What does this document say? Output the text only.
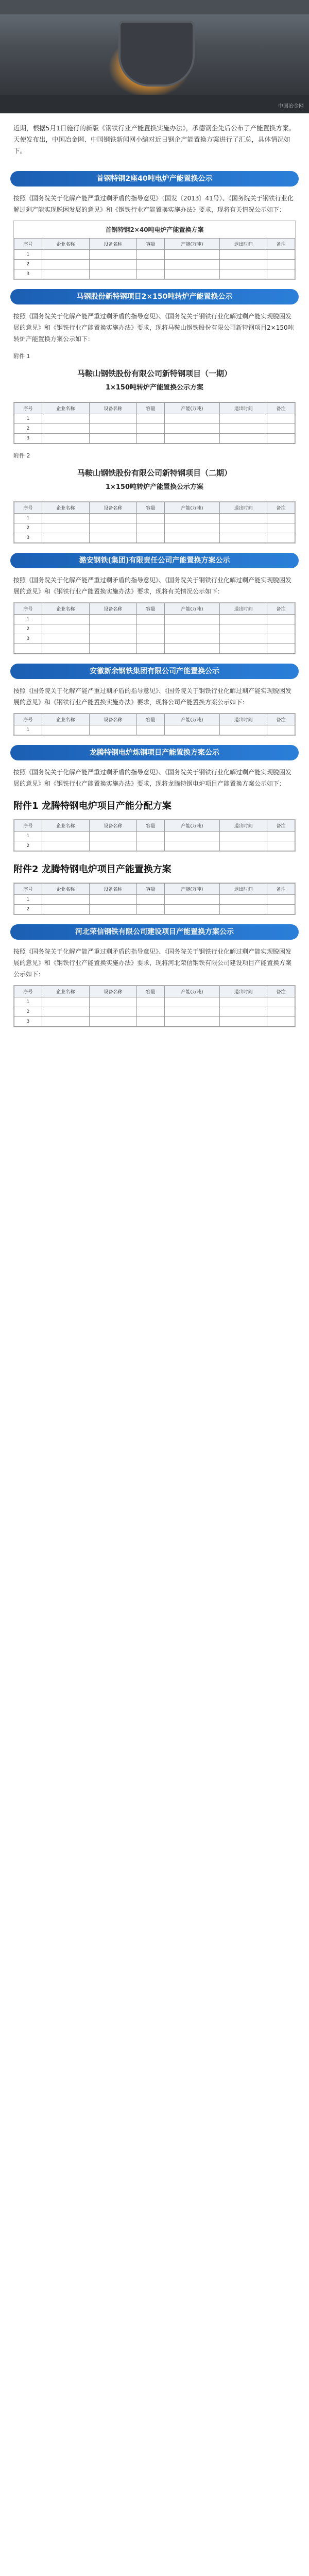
中国冶金网
近期，根据5月1日施行的新版《钢铁行业产能置换实施办法》，承德钢企先后公布了产能置换方案。天使发布出，中国冶金网、中国钢铁新闻网小编对近日钢企产能置换方案进行了汇总，具体情况如下。
首钢特钢2座40吨电炉产能置换公示
按照《国务院关于化解产能严重过剩矛盾的指导意见》（国发〔2013〕41号）、《国务院关于钢铁行业化解过剩产能实现脱困发展的意见》和《钢铁行业产能置换实施办法》要求，现将有关情况公示如下：
首钢特钢2×40吨电炉产能置换方案
序号	企业名称	设备名称	容量	产能(万吨)	退出时间	备注
1						
2						
3						
马钢股份新特钢项目2×150吨转炉产能置换公示
按照《国务院关于化解产能严重过剩矛盾的指导意见》、《国务院关于钢铁行业化解过剩产能实现脱困发展的意见》和《钢铁行业产能置换实施办法》要求，现将马鞍山钢铁股份有限公司新特钢项目2×150吨转炉产能置换方案公示如下：
附件 1
马鞍山钢铁股份有限公司新特钢项目（一期）
1×150吨转炉产能置换公示方案
序号	企业名称	设备名称	容量	产能(万吨)	退出时间	备注
1						
2						
3						
附件 2
马鞍山钢铁股份有限公司新特钢项目（二期）
1×150吨转炉产能置换公示方案
序号	企业名称	设备名称	容量	产能(万吨)	退出时间	备注
1						
2						
3						
潞安钢铁(集团)有限责任公司产能置换方案公示
按照《国务院关于化解产能严重过剩矛盾的指导意见》、《国务院关于钢铁行业化解过剩产能实现脱困发展的意见》和《钢铁行业产能置换实施办法》要求，现将有关情况公示如下：
序号	企业名称	设备名称	容量	产能(万吨)	退出时间	备注
1						
2						
3						

安徽新余钢铁集团有限公司产能置换公示
按照《国务院关于化解产能严重过剩矛盾的指导意见》、《国务院关于钢铁行业化解过剩产能实现脱困发展的意见》和《钢铁行业产能置换实施办法》要求，现将公司产能置换方案公示如下：
序号	企业名称	设备名称	容量	产能(万吨)	退出时间	备注
1						
龙腾特钢电炉炼钢项目产能置换方案公示
按照《国务院关于化解产能严重过剩矛盾的指导意见》、《国务院关于钢铁行业化解过剩产能实现脱困发展的意见》和《钢铁行业产能置换实施办法》要求，现将龙腾特钢电炉项目产能置换方案公示如下：
附件1 龙腾特钢电炉项目产能分配方案
序号	企业名称	设备名称	容量	产能(万吨)	退出时间	备注
1						
2						
附件2 龙腾特钢电炉项目产能置换方案
序号	企业名称	设备名称	容量	产能(万吨)	退出时间	备注
1						
2						
河北荣信钢铁有限公司建设项目产能置换方案公示
按照《国务院关于化解产能严重过剩矛盾的指导意见》、《国务院关于钢铁行业化解过剩产能实现脱困发展的意见》和《钢铁行业产能置换实施办法》要求，现将河北荣信钢铁有限公司建设项目产能置换方案公示如下：
序号	企业名称	设备名称	容量	产能(万吨)	退出时间	备注
1						
2						
3						
